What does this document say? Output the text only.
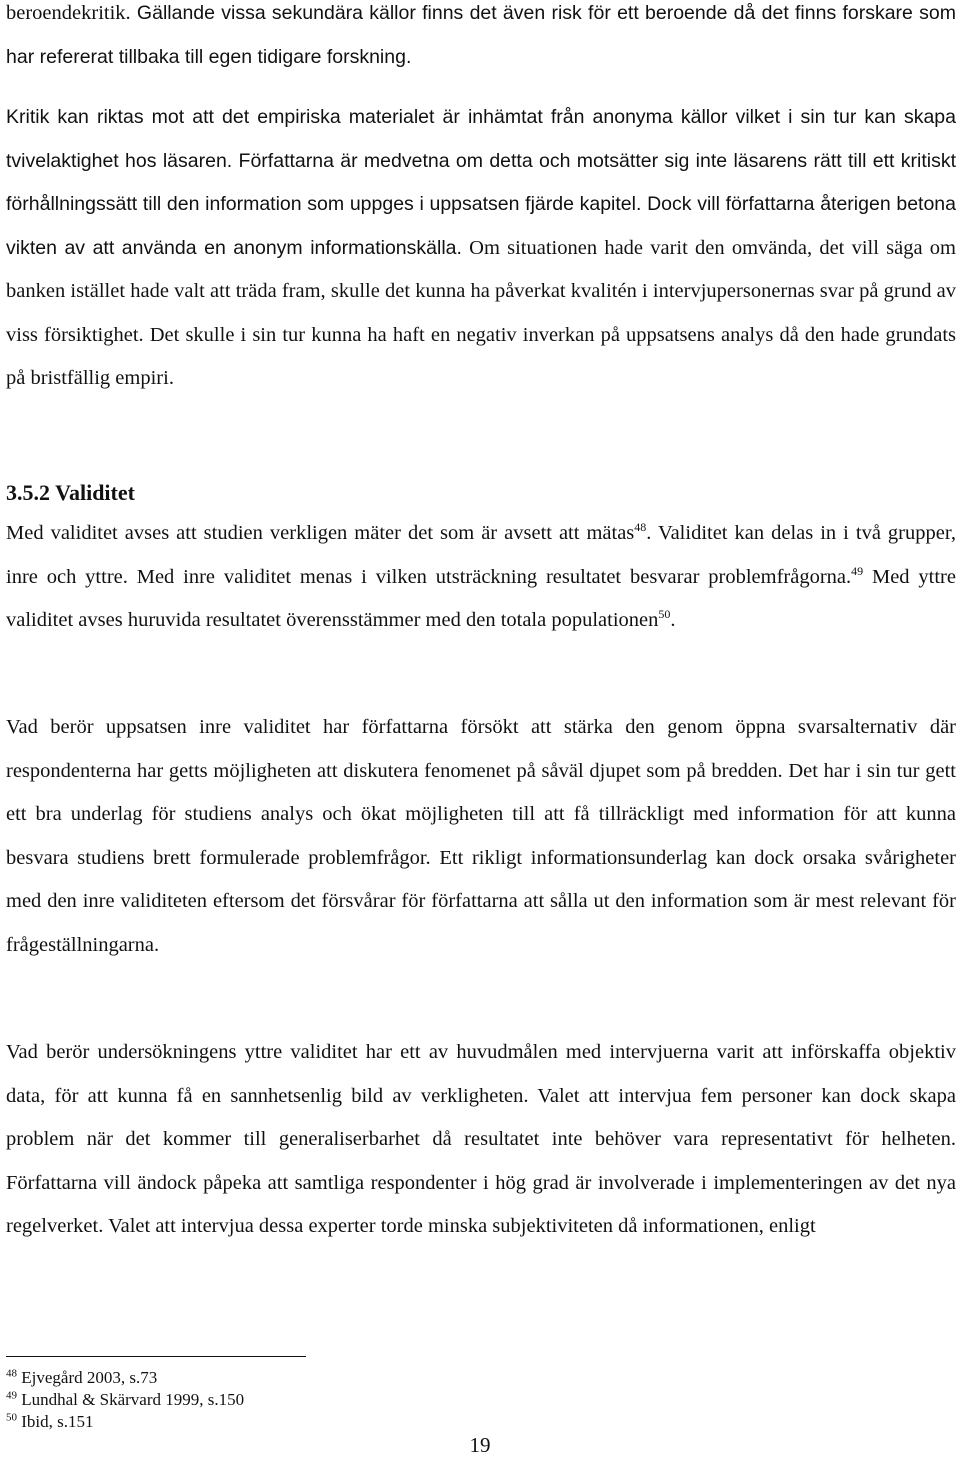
beroendekritik. Gällande vissa sekundära källor finns det även risk för ett beroende då det finns forskare som har refererat tillbaka till egen tidigare forskning.

Kritik kan riktas mot att det empiriska materialet är inhämtat från anonyma källor vilket i sin tur kan skapa tvivelaktighet hos läsaren. Författarna är medvetna om detta och motsätter sig inte läsarens rätt till ett kritiskt förhållningssätt till den information som uppges i uppsatsen fjärde kapitel. Dock vill författarna återigen betona vikten av att använda en anonym informationskälla. Om situationen hade varit den omvända, det vill säga om banken istället hade valt att träda fram, skulle det kunna ha påverkat kvalitén i intervjupersonernas svar på grund av viss försiktighet. Det skulle i sin tur kunna ha haft en negativ inverkan på uppsatsens analys då den hade grundats på bristfällig empiri.

3.5.2 Validitet

Med validitet avses att studien verkligen mäter det som är avsett att mätas$^{48}$. Validitet kan delas in i två grupper, inre och yttre. Med inre validitet menas i vilken utsträckning resultatet besvarar problemfrågorna.$^{49}$ Med yttre validitet avses huruvida resultatet överensstämmer med den totala populationen$^{50}$.

Vad berör uppsatsen inre validitet har författarna försökt att stärka den genom öppna svarsalternativ där respondenterna har getts möjligheten att diskutera fenomenet på såväl djupet som på bredden. Det har i sin tur gett ett bra underlag för studiens analys och ökat möjligheten till att få tillräckligt med information för att kunna besvara studiens brett formulerade problemfrågor. Ett rikligt informationsunderlag kan dock orsaka svårigheter med den inre validiteten eftersom det försvårar för författarna att sålla ut den information som är mest relevant för frågeställningarna.

Vad berör undersökningens yttre validitet har ett av huvudmålen med intervjuerna varit att införskaffa objektiv data, för att kunna få en sannhetsenlig bild av verkligheten. Valet att intervjua fem personer kan dock skapa problem när det kommer till generaliserbarhet då resultatet inte behöver vara representativt för helheten. Författarna vill ändock påpeka att samtliga respondenter i hög grad är involverade i implementeringen av det nya regelverket. Valet att intervjua dessa experter torde minska subjektiviteten då informationen, enligt

$^{48}$ Ejvegård 2003, s.73

$^{49}$ Lundhal & Skärvard 1999, s.150

$^{50}$ Ibid, s.151

19
